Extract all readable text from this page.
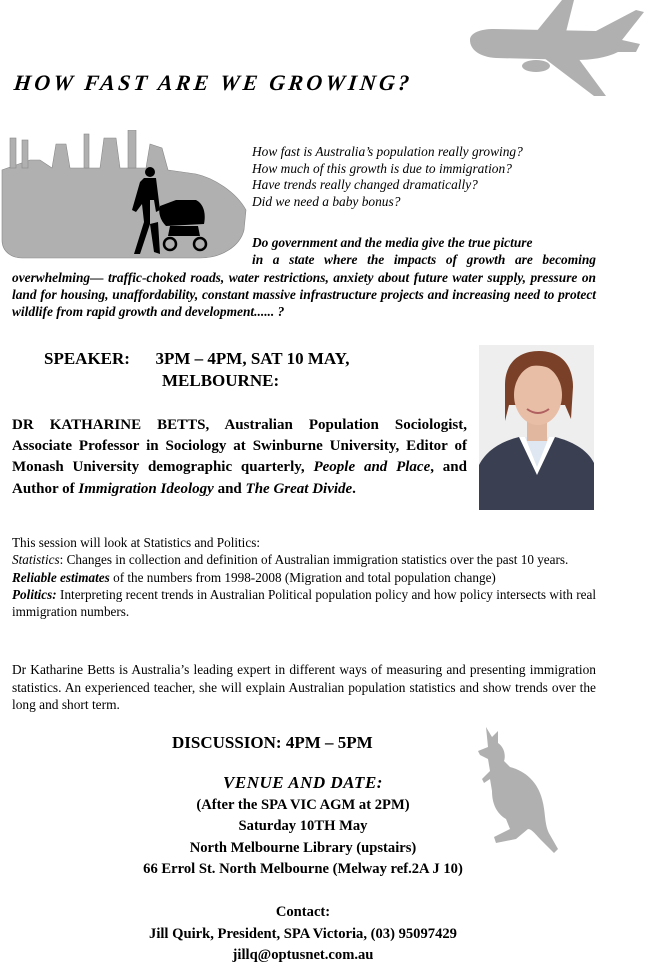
HOW FAST ARE WE GROWING?
How fast is Australia’s population really growing?
How much of this growth is due to immigration?
Have trends really changed dramatically?
Did we need a baby bonus?
Do government and the media give the true picture
in a state where the impacts of growth are becoming overwhelming— traffic-choked roads, water restrictions, anxiety about future water supply, pressure on land for housing, unaffordability, constant massive infrastructure projects and increasing need to protect wildlife from rapid growth and development...... ?
SPEAKER: 3PM – 4PM, SAT 10 MAY,
MELBOURNE:
DR KATHARINE BETTS, Australian Population Sociologist, Associate Professor in Sociology at Swinburne University, Editor of Monash University demographic quarterly, People and Place, and Author of Immigration Ideology and The Great Divide.

This session will look at Statistics and Politics:

Statistics: Changes in collection and definition of Australian immigration statistics over the past 10 years.

Reliable estimates of the numbers from 1998-2008 (Migration and total population change)

Politics: Interpreting recent trends in Australian Political population policy and how policy intersects with real immigration numbers.

Dr Katharine Betts is Australia’s leading expert in different ways of measuring and presenting immigration statistics. An experienced teacher, she will explain Australian population statistics and show trends over the long and short term.
DISCUSSION: 4PM – 5PM
VENUE AND DATE:
(After the SPA VIC AGM at 2PM)
Saturday 10TH May
North Melbourne Library (upstairs)
66 Errol St. North Melbourne (Melway ref.2A J 10)
Contact:
Jill Quirk, President, SPA Victoria, (03) 95097429
jillq@optusnet.com.au
